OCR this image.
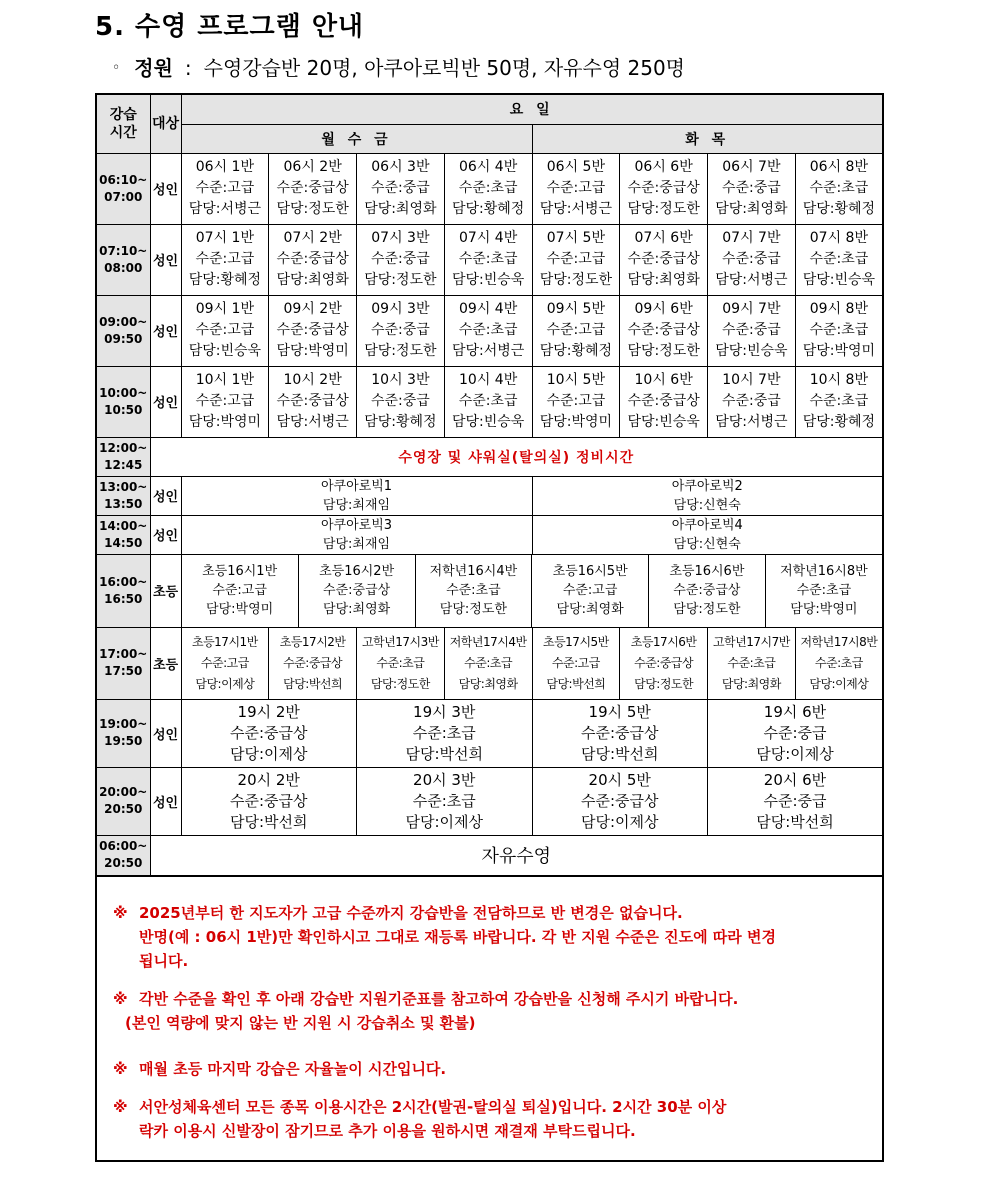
5. 수영 프로그램 안내
◦ 정원 : 수영강습반 20명, 아쿠아로빅반 50명, 자유수영 250명
강습
시간	대상	요 일
월 수 금	화 목
06:10~
07:00	성인	06시 1반
수준:고급
담당:서병근	06시 2반
수준:중급상
담당:정도한	06시 3반
수준:중급
담당:최영화	06시 4반
수준:초급
담당:황혜정	06시 5반
수준:고급
담당:서병근	06시 6반
수준:중급상
담당:정도한	06시 7반
수준:중급
담당:최영화	06시 8반
수준:초급
담당:황혜정
07:10~
08:00	성인	07시 1반
수준:고급
담당:황혜정	07시 2반
수준:중급상
담당:최영화	07시 3반
수준:중급
담당:정도한	07시 4반
수준:초급
담당:빈승욱	07시 5반
수준:고급
담당:정도한	07시 6반
수준:중급상
담당:최영화	07시 7반
수준:중급
담당:서병근	07시 8반
수준:초급
담당:빈승욱
09:00~
09:50	성인	09시 1반
수준:고급
담당:빈승욱	09시 2반
수준:중급상
담당:박영미	09시 3반
수준:중급
담당:정도한	09시 4반
수준:초급
담당:서병근	09시 5반
수준:고급
담당:황혜정	09시 6반
수준:중급상
담당:정도한	09시 7반
수준:중급
담당:빈승욱	09시 8반
수준:초급
담당:박영미
10:00~
10:50	성인	10시 1반
수준:고급
담당:박영미	10시 2반
수준:중급상
담당:서병근	10시 3반
수준:중급
담당:황혜정	10시 4반
수준:초급
담당:빈승욱	10시 5반
수준:고급
담당:박영미	10시 6반
수준:중급상
담당:빈승욱	10시 7반
수준:중급
담당:서병근	10시 8반
수준:초급
담당:황혜정
12:00~
12:45	수영장 및 샤워실(탈의실) 정비시간
13:00~
13:50	성인	아쿠아로빅1
담당:최재임	아쿠아로빅2
담당:신현숙
14:00~
14:50	성인	아쿠아로빅3
담당:최재임	아쿠아로빅4
담당:신현숙
16:00~
16:50	초등	
초등16시1반
수준:고급
담당:박영미	초등16시2반
수준:중급상
담당:최영화	저학년16시4반
수준:초급
담당:정도한	초등16시5반
수준:고급
담당:최영화	초등16시6반
수준:중급상
담당:정도한	저학년16시8반
수준:초급
담당:박영미

17:00~
17:50	초등	초등17시1반
수준:고급
담당:이제상	초등17시2반
수준:중급상
담당:박선희	고학년17시3반
수준:초급
담당:정도한	저학년17시4반
수준:초급
담당:최영화	초등17시5반
수준:고급
담당:박선희	초등17시6반
수준:중급상
담당:정도한	고학년17시7반
수준:초급
담당:최영화	저학년17시8반
수준:초급
담당:이제상
19:00~
19:50	성인	19시 2반
수준:중급상
담당:이제상	19시 3반
수준:초급
담당:박선희	19시 5반
수준:중급상
담당:박선희	19시 6반
수준:중급
담당:이제상
20:00~
20:50	성인	20시 2반
수준:중급상
담당:박선희	20시 3반
수준:초급
담당:이제상	20시 5반
수준:중급상
담당:이제상	20시 6반
수준:중급
담당:박선희
06:00~
20:50	자유수영
※ 2025년부터 한 지도자가 고급 수준까지 강습반을 전담하므로 반 변경은 없습니다.
반명(예 : 06시 1반)만 확인하시고 그대로 재등록 바랍니다. 각 반 지원 수준은 진도에 따라 변경
됩니다.
※ 각반 수준을 확인 후 아래 강습반 지원기준표를 참고하여 강습반을 신청해 주시기 바랍니다.
(본인 역량에 맞지 않는 반 지원 시 강습취소 및 환불)
※ 매월 초등 마지막 강습은 자율놀이 시간입니다.
※ 서안성체육센터 모든 종목 이용시간은 2시간(발권-탈의실 퇴실)입니다. 2시간 30분 이상
락카 이용시 신발장이 잠기므로 추가 이용을 원하시면 재결재 부탁드립니다.
